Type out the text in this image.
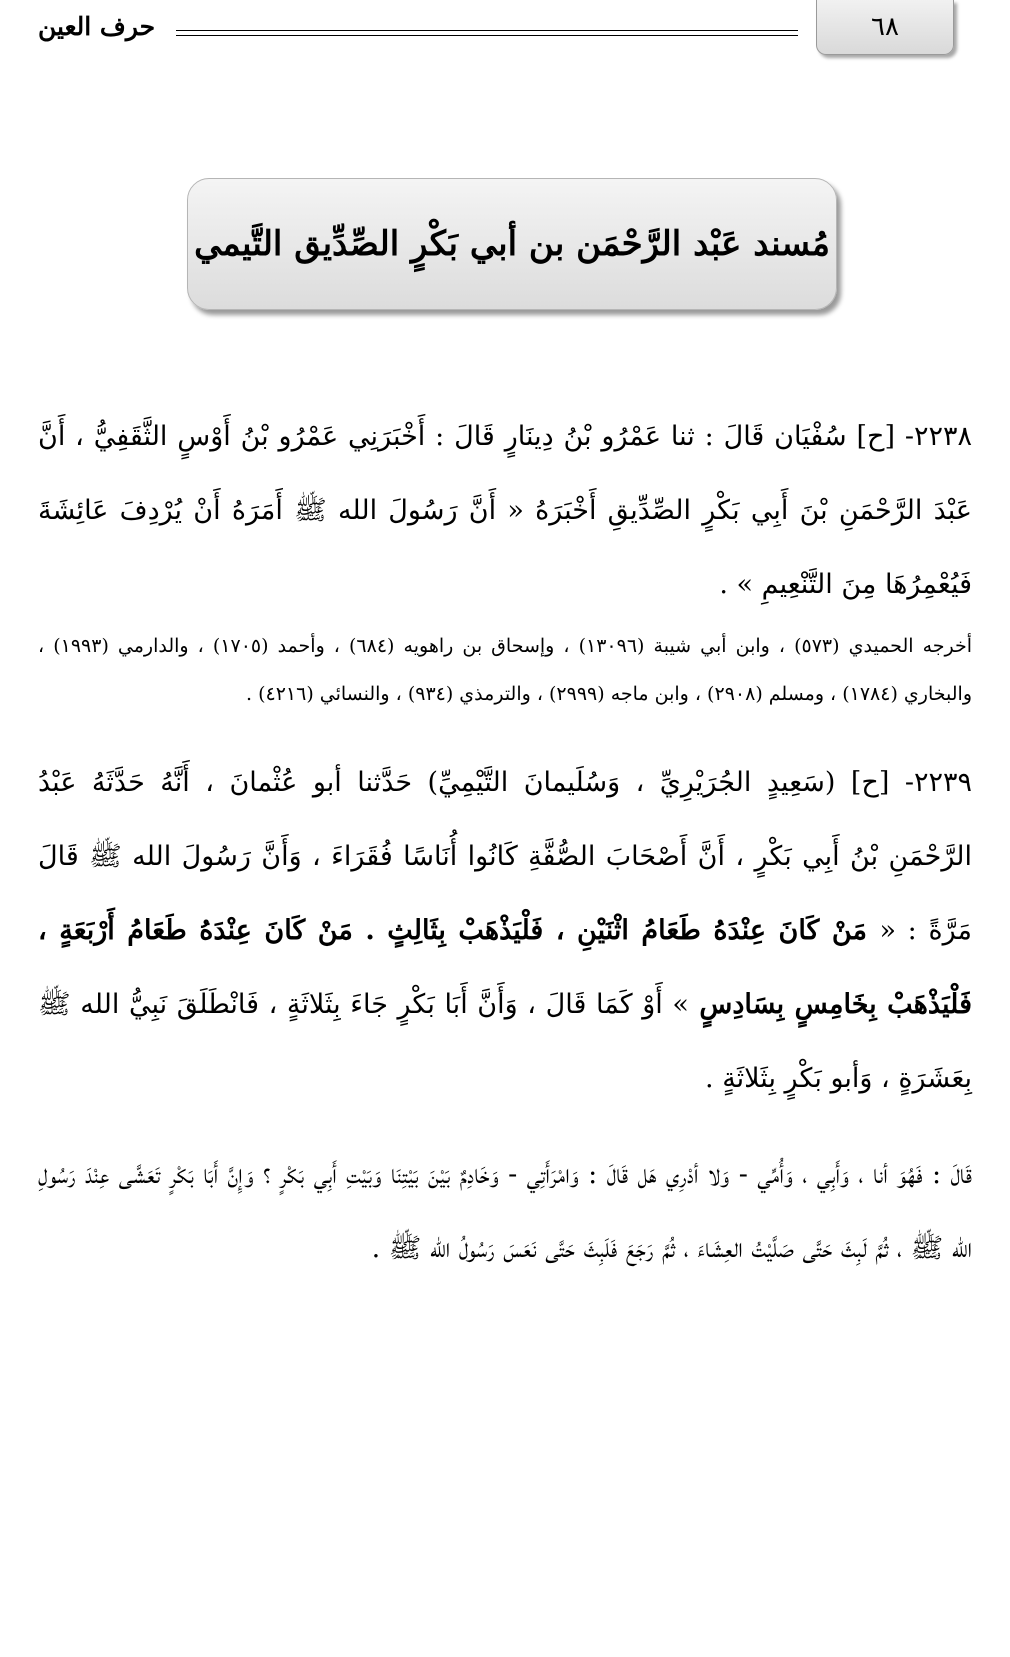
٦٨
حرف العين
مُسند عَبْد الرَّحْمَن بن أبي بَكْرٍ الصِّدِّيق التَّيمي

٢٢٣٨- [ح] سُفْيَان قَالَ : ثنا عَمْرُو بْنُ دِينَارٍ قَالَ : أَخْبَرَنِي عَمْرُو بْنُ أَوْسٍ الثَّقَفِيُّ ، أَنَّ عَبْدَ الرَّحْمَنِ بْنَ أَبِي بَكْرٍ الصِّدِّيقِ أَخْبَرَهُ « أَنَّ رَسُولَ الله ﷺ أَمَرَهُ أَنْ يُرْدِفَ عَائِشَةَ فَيُعْمِرُهَا مِنَ التَّنْعِيمِ » .

أخرجه الحميدي (٥٧٣) ، وابن أبي شيبة (١٣٠٩٦) ، وإسحاق بن راهويه (٦٨٤) ، وأحمد (١٧٠٥) ، والدارمي (١٩٩٣) ، والبخاري (١٧٨٤) ، ومسلم (٢٩٠٨) ، وابن ماجه (٢٩٩٩) ، والترمذي (٩٣٤) ، والنسائي (٤٢١٦) .

٢٢٣٩- [ح] (سَعِيدٍ الجُرَيْرِيِّ ، وَسُلَيمانَ التَّيْمِيِّ) حَدَّثنا أبو عُثْمانَ ، أَنَّهُ حَدَّثَهُ عَبْدُ الرَّحْمَنِ بْنُ أَبِي بَكْرٍ ، أَنَّ أَصْحَابَ الصُّفَّةِ كَانُوا أُنَاسًا فُقَرَاءَ ، وَأَنَّ رَسُولَ الله ﷺ قَالَ مَرَّةً : « مَنْ كَانَ عِنْدَهُ طَعَامُ اثْنَيْنِ ، فَلْيَذْهَبْ بِثَالِثٍ . مَنْ كَانَ عِنْدَهُ طَعَامُ أَرْبَعَةٍ ، فَلْيَذْهَبْ بِخَامِسٍ بِسَادِسٍ » أَوْ كَمَا قَالَ ، وَأَنَّ أَبَا بَكْرٍ جَاءَ بِثَلاثَةٍ ، فَانْطَلَقَ نَبِيُّ الله ﷺ بِعَشَرَةٍ ، وَأبو بَكْرٍ بِثَلاثَةٍ .

قَالَ : فَهُوَ أنا ، وَأَبِي ، وَأُمِّي - وَلا أدْرِي هَل قَالَ : وَامْرَأَتِي - وَخَادِمٌ بَيْنَ بَيْتِنَا وَبَيْتِ أَبِي بَكْرٍ ؟ وَإِنَّ أَبَا بَكْرٍ تَعَشَّى عِنْدَ رَسُولِ الله ﷺ ، ثُمَّ لَبِثَ حَتَّى صَلَّيْتُ العِشَاءَ ، ثُمَّ رَجَعَ فَلَبِثَ حَتَّى نَعَسَ رَسُولُ الله ﷺ .
